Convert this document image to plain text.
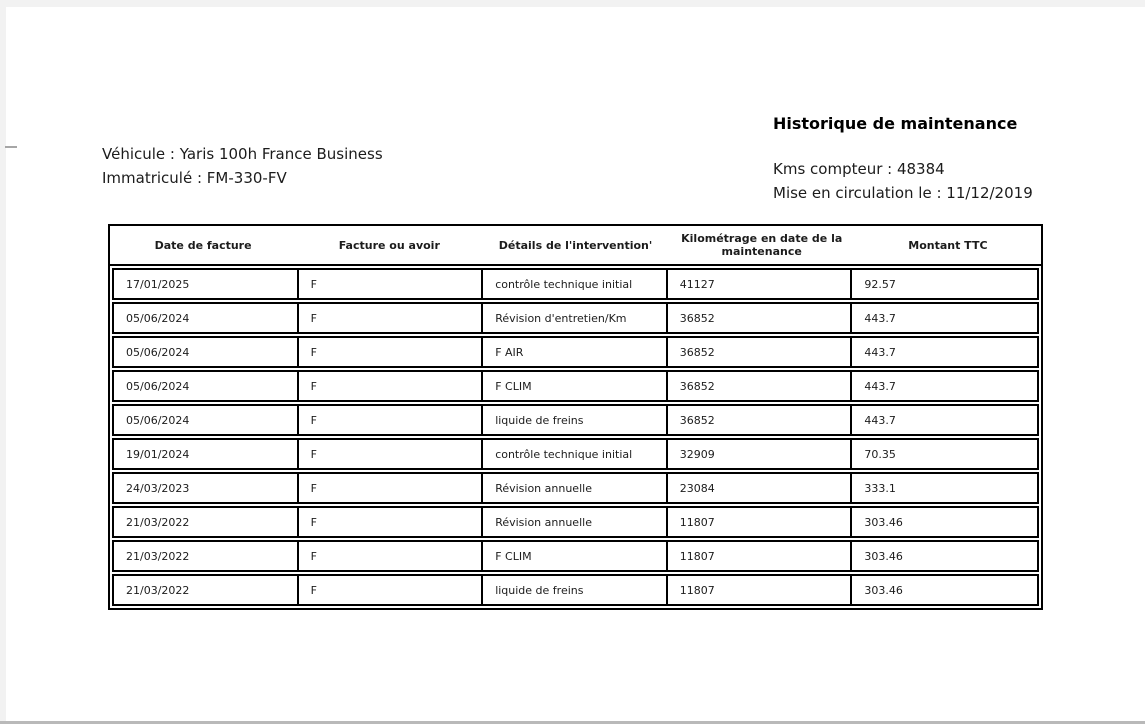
Véhicule : Yaris 100h France Business
Immatriculé : FM-330-FV
Historique de maintenance
Kms compteur : 48384
Mise en circulation le : 11/12/2019
Date de facture	Facture ou avoir	Détails de l'intervention'	Kilométrage en date de la maintenance	Montant TTC
17/01/2025	F	contrôle technique initial	41127	92.57
05/06/2024	F	Révision d'entretien/Km	36852	443.7
05/06/2024	F	F AIR	36852	443.7
05/06/2024	F	F CLIM	36852	443.7
05/06/2024	F	liquide de freins	36852	443.7
19/01/2024	F	contrôle technique initial	32909	70.35
24/03/2023	F	Révision annuelle	23084	333.1
21/03/2022	F	Révision annuelle	11807	303.46
21/03/2022	F	F CLIM	11807	303.46
21/03/2022	F	liquide de freins	11807	303.46
